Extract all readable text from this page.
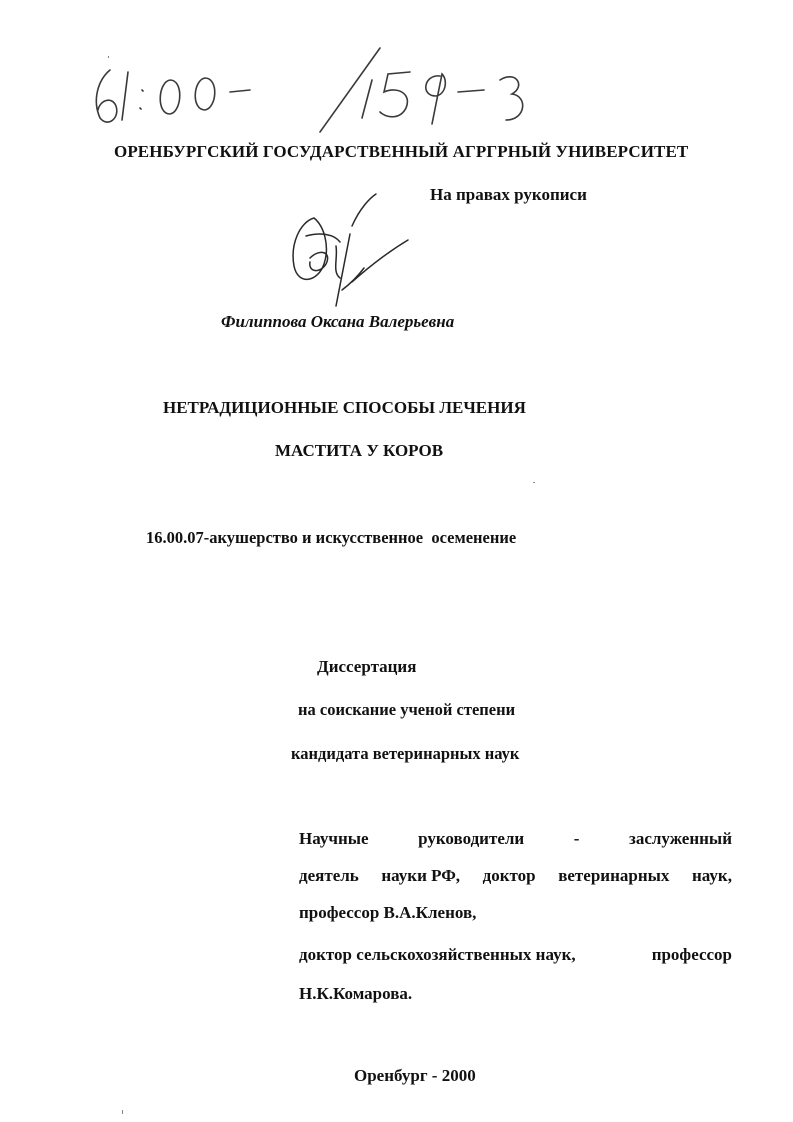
ОРЕНБУРГСКИЙ ГОСУДАРСТВЕННЫЙ АГРГРНЫЙ УНИВЕРСИТЕТ
На правах рукописи
Филиппова Оксана Валерьевна
НЕТРАДИЦИОННЫЕ СПОСОБЫ ЛЕЧЕНИЯ
МАСТИТА У КОРОВ
16.00.07-акушерство и искусственное  осеменение
Диссертация
на соискание ученой степени
кандидата ветеринарных наук
Научные	руководители	-	заслуженный
деятель науки РФ, доктор ветеринарных наук,
профессор В.А.Кленов,
доктор сельскохозяйственных наук,	профессор
Н.К.Комарова.
Оренбург - 2000
